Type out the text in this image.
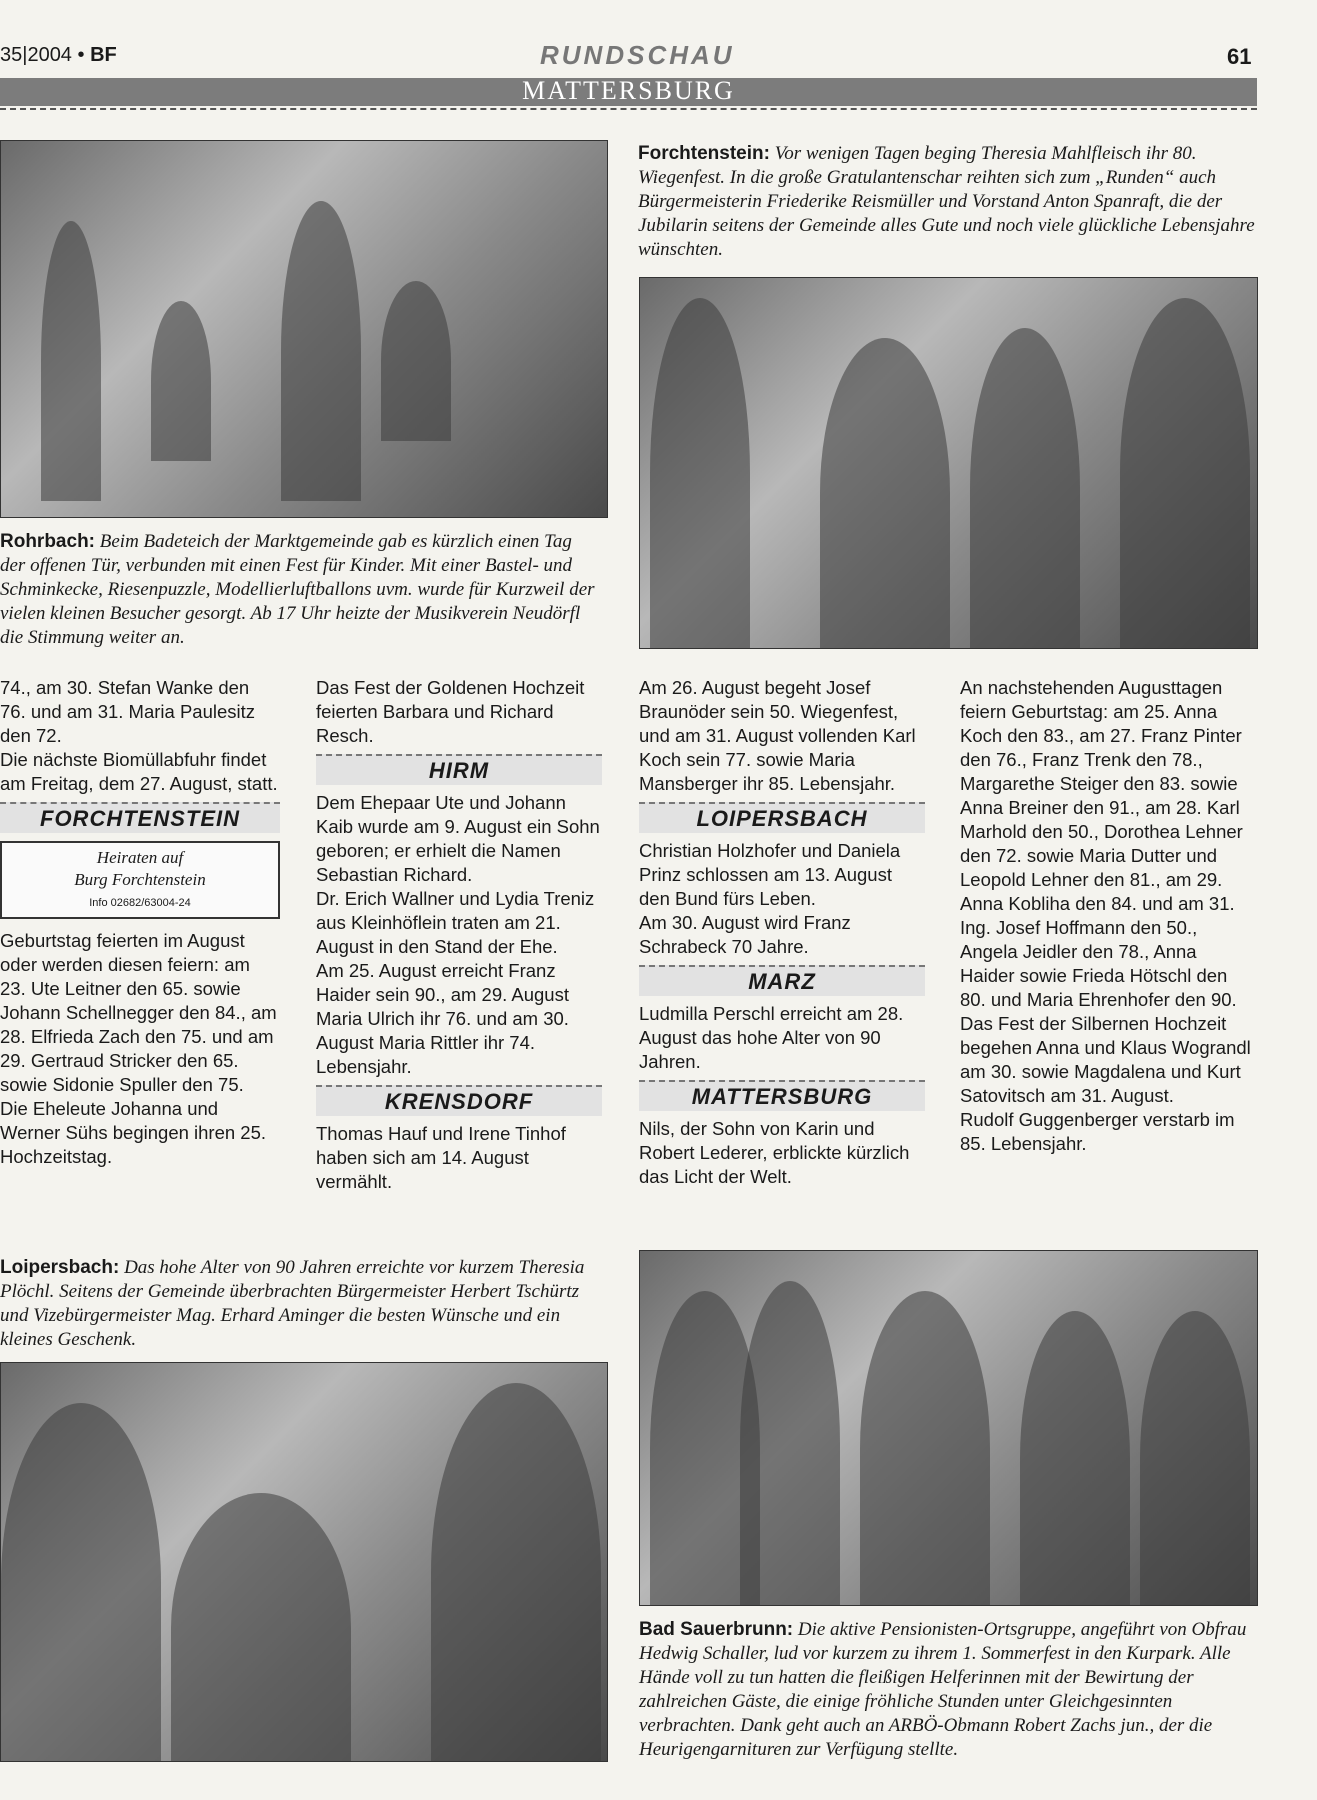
35|2004 • BF	RUNDSCHAU	61
MATTERSBURG
Rohrbach: Beim Badeteich der Marktgemeinde gab es kürzlich einen Tag der offenen Tür, verbunden mit einen Fest für Kinder. Mit einer Bastel- und Schminkecke, Riesenpuzzle, Modellierluftballons uvm. wurde für Kurzweil der vielen kleinen Besucher gesorgt. Ab 17 Uhr heizte der Musikverein Neudörfl die Stimmung weiter an.
Forchtenstein: Vor wenigen Tagen beging Theresia Mahlfleisch ihr 80. Wiegenfest. In die große Gratulantenschar reihten sich zum „Runden“ auch Bürgermeisterin Friederike Reismüller und Vorstand Anton Spanraft, die der Jubilarin seitens der Gemeinde alles Gute und noch viele glückliche Lebensjahre wünschten.

74., am 30. Stefan Wanke den 76. und am 31. Maria Paulesitz den 72.

Die nächste Biomüllabfuhr findet am Freitag, dem 27. August, statt.

FORCHTENSTEIN
Heiraten auf
Burg Forchtenstein
Info 02682/63004-24

Geburtstag feierten im August oder werden diesen feiern: am 23. Ute Leitner den 65. sowie Johann Schellnegger den 84., am 28. Elfrieda Zach den 75. und am 29. Gertraud Stricker den 65. sowie Sidonie Spuller den 75.

Die Eheleute Johanna und Werner Sühs begingen ihren 25. Hochzeitstag.

Das Fest der Goldenen Hochzeit feierten Barbara und Richard Resch.

HIRM

Dem Ehepaar Ute und Johann Kaib wurde am 9. August ein Sohn geboren; er erhielt die Namen Sebastian Richard.

Dr. Erich Wallner und Lydia Treniz aus Kleinhöflein traten am 21. August in den Stand der Ehe.

Am 25. August erreicht Franz Haider sein 90., am 29. August Maria Ulrich ihr 76. und am 30. August Maria Rittler ihr 74. Lebensjahr.

KRENSDORF

Thomas Hauf und Irene Tinhof haben sich am 14. August vermählt.

Am 26. August begeht Josef Braunöder sein 50. Wiegenfest, und am 31. August vollenden Karl Koch sein 77. sowie Maria Mansberger ihr 85. Lebensjahr.

LOIPERSBACH

Christian Holzhofer und Daniela Prinz schlossen am 13. August den Bund fürs Leben.

Am 30. August wird Franz Schrabeck 70 Jahre.

MARZ

Ludmilla Perschl erreicht am 28. August das hohe Alter von 90 Jahren.

MATTERSBURG

Nils, der Sohn von Karin und Robert Lederer, erblickte kürzlich das Licht der Welt.

An nachstehenden Augusttagen feiern Geburtstag: am 25. Anna Koch den 83., am 27. Franz Pinter den 76., Franz Trenk den 78., Margarethe Steiger den 83. sowie Anna Breiner den 91., am 28. Karl Marhold den 50., Dorothea Lehner den 72. sowie Maria Dutter und Leopold Lehner den 81., am 29. Anna Kobliha den 84. und am 31. Ing. Josef Hoffmann den 50., Angela Jeidler den 78., Anna Haider sowie Frieda Hötschl den 80. und Maria Ehrenhofer den 90.

Das Fest der Silbernen Hochzeit begehen Anna und Klaus Wograndl am 30. sowie Magdalena und Kurt Satovitsch am 31. August.

Rudolf Guggenberger verstarb im 85. Lebensjahr.

Loipersbach: Das hohe Alter von 90 Jahren erreichte vor kurzem Theresia Plöchl. Seitens der Gemeinde überbrachten Bürgermeister Herbert Tschürtz und Vizebürgermeister Mag. Erhard Aminger die besten Wünsche und ein kleines Geschenk.
Bad Sauerbrunn: Die aktive Pensionisten-Ortsgruppe, angeführt von Obfrau Hedwig Schaller, lud vor kurzem zu ihrem 1. Sommerfest in den Kurpark. Alle Hände voll zu tun hatten die fleißigen Helferinnen mit der Bewirtung der zahlreichen Gäste, die einige fröhliche Stunden unter Gleichgesinnten verbrachten. Dank geht auch an ARBÖ-Obmann Robert Zachs jun., der die Heurigengarnituren zur Verfügung stellte.
